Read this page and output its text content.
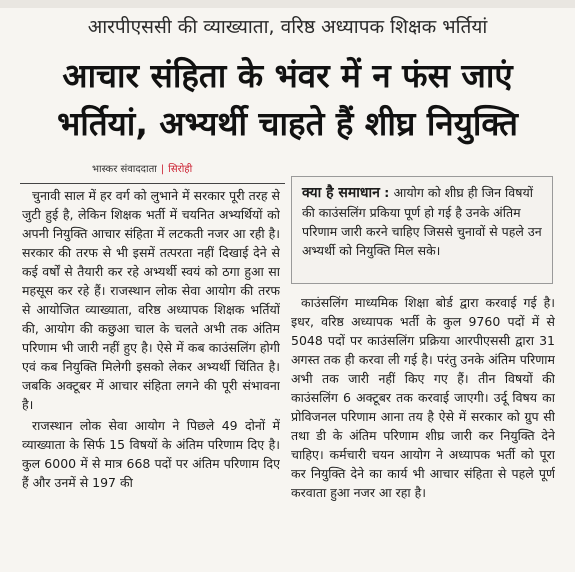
आरपीएससी की व्याख्याता, वरिष्ठ अध्यापक शिक्षक भर्तियां
आचार संहिता के भंवर में न फंस जाएं
भर्तियां, अभ्यर्थी चाहते हैं शीघ्र नियुक्ति
भास्कर संवाददाता | सिरोही

चुनावी साल में हर वर्ग को लुभाने में सरकार पूरी तरह से जुटी हुई है, लेकिन शिक्षक भर्ती में चयनित अभ्यर्थियों को अपनी नियुक्ति आचार संहिता में लटकती नजर आ रही है। सरकार की तरफ से भी इसमें तत्परता नहीं दिखाई देने से कई वर्षों से तैयारी कर रहे अभ्यर्थी स्वयं को ठगा हुआ सा महसूस कर रहे हैं। राजस्थान लोक सेवा आयोग की तरफ से आयोजित व्याख्याता, वरिष्ठ अध्यापक शिक्षक भर्तियों की, आयोग की कछुआ चाल के चलते अभी तक अंतिम परिणाम भी जारी नहीं हुए है। ऐसे में कब काउंसलिंग होगी एवं कब नियुक्ति मिलेगी इसको लेकर अभ्यर्थी चिंतित है। जबकि अक्टूबर में आचार संहिता लगने की पूरी संभावना है।

राजस्थान लोक सेवा आयोग ने पिछले 49 दोनों में व्याख्याता के सिर्फ 15 विषयों के अंतिम परिणाम दिए है। कुल 6000 में से मात्र 668 पदों पर अंतिम परिणाम दिए हैं और उनमें से 197 की

क्या है समाधान : आयोग को शीघ्र ही जिन विषयों की काउंसलिंग प्रकिया पूर्ण हो गई है उनके अंतिम परिणाम जारी करने चाहिए जिससे चुनावों से पहले उन अभ्यर्थी को नियुक्ति मिल सके।

काउंसलिंग माध्यमिक शिक्षा बोर्ड द्वारा करवाई गई है। इधर, वरिष्ठ अध्यापक भर्ती के कुल 9760 पदों में से 5048 पदों पर काउंसलिंग प्रक्रिया आरपीएससी द्वारा 31 अगस्त तक ही करवा ली गई है। परंतु उनके अंतिम परिणाम अभी तक जारी नहीं किए गए हैं। तीन विषयों की काउंसलिंग 6 अक्टूबर तक करवाई जाएगी। उर्दू विषय का प्रोविजनल परिणाम आना तय है ऐसे में सरकार को ग्रुप सी तथा डी के अंतिम परिणाम शीघ्र जारी कर नियुक्ति देने चाहिए। कर्मचारी चयन आयोग ने अध्यापक भर्ती को पूरा कर नियुक्ति देने का कार्य भी आचार संहिता से पहले पूर्ण करवाता हुआ नजर आ रहा है।
